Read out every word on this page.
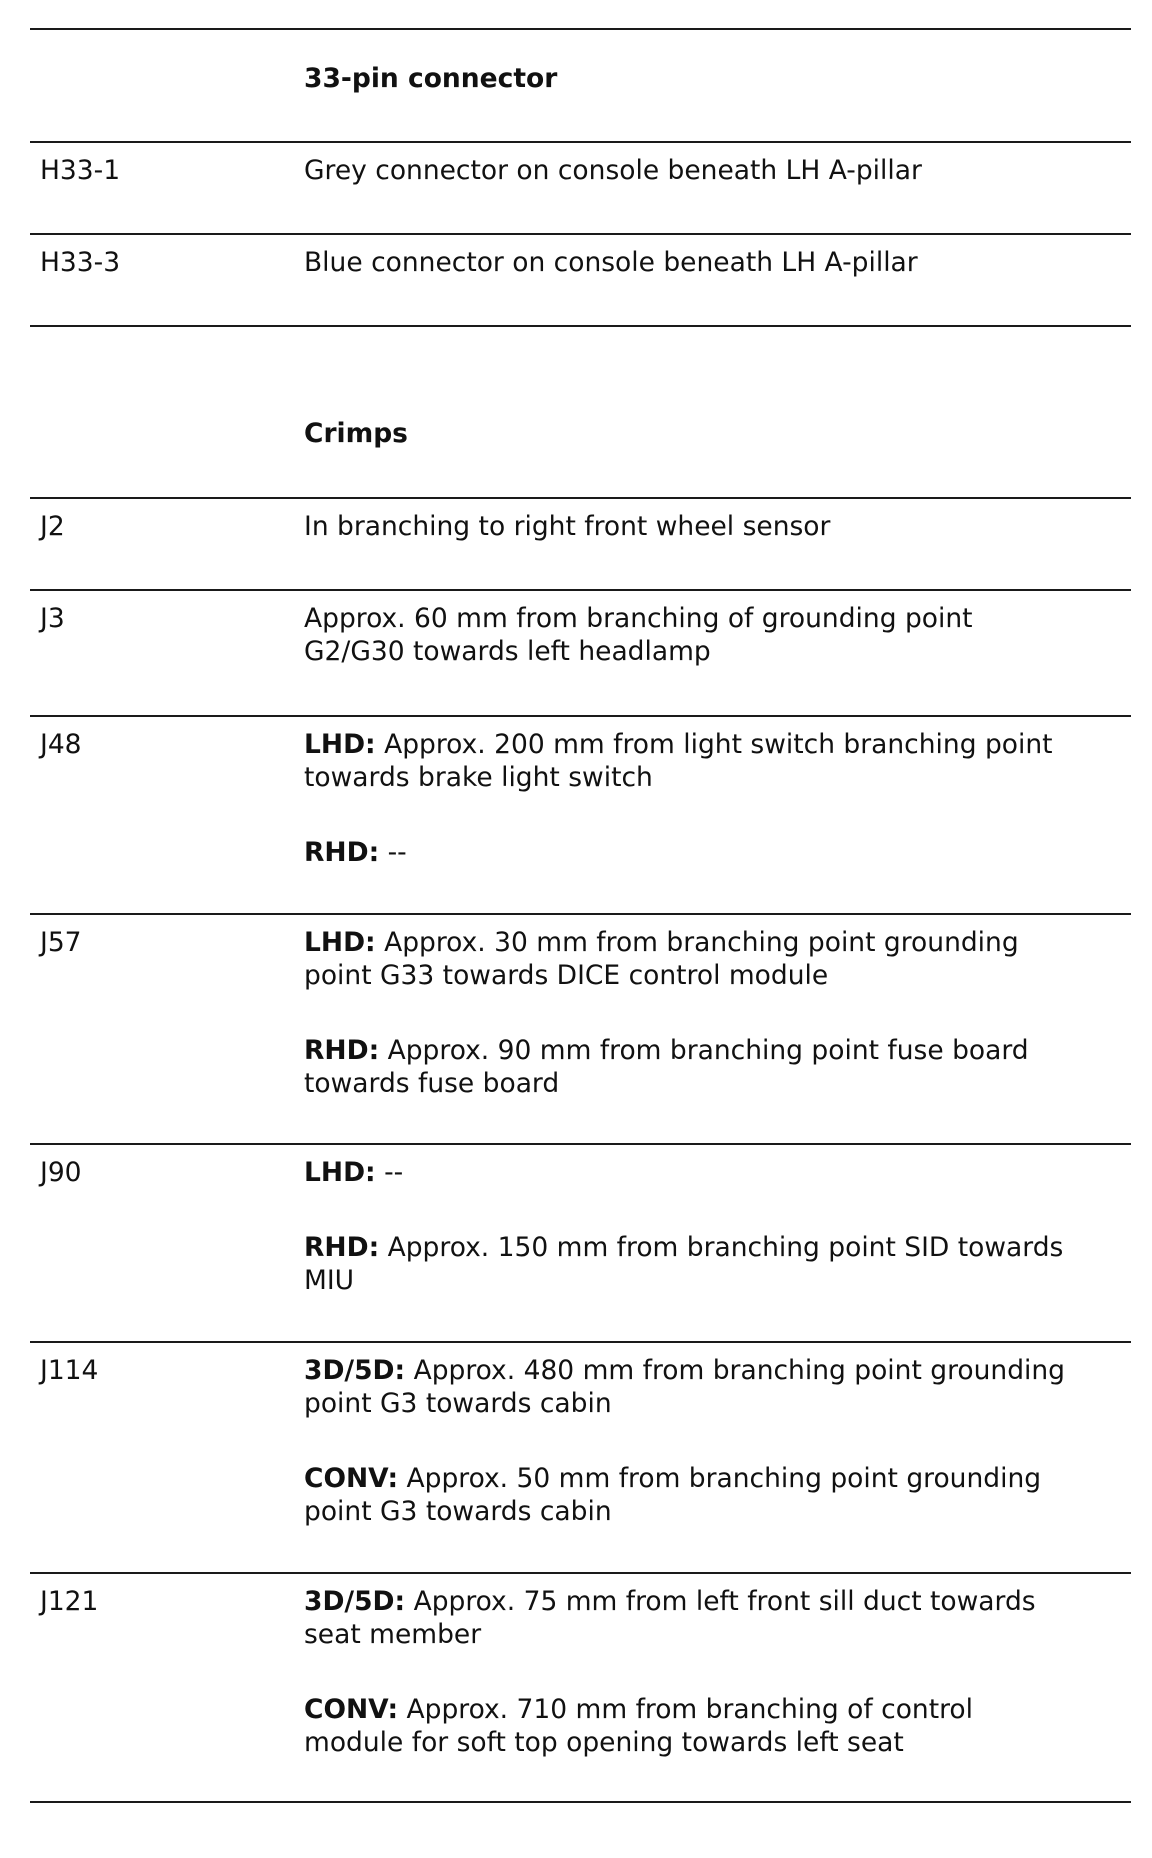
33-pin connector
H33-1	Grey connector on console beneath LH A-pillar
H33-3	Blue connector on console beneath LH A-pillar
Crimps
J2	In branching to right front wheel sensor
J3	Approx. 60 mm from branching of grounding point
G2/G30 towards left headlamp
J48	LHD: Approx. 200 mm from light switch branching point
towards brake light switch
RHD: --
J57	LHD: Approx. 30 mm from branching point grounding
point G33 towards DICE control module
RHD: Approx. 90 mm from branching point fuse board
towards fuse board
J90	LHD: --
RHD: Approx. 150 mm from branching point SID towards
MIU
J114	3D/5D: Approx. 480 mm from branching point grounding
point G3 towards cabin
CONV: Approx. 50 mm from branching point grounding
point G3 towards cabin
J121	3D/5D: Approx. 75 mm from left front sill duct towards
seat member
CONV: Approx. 710 mm from branching of control
module for soft top opening towards left seat
